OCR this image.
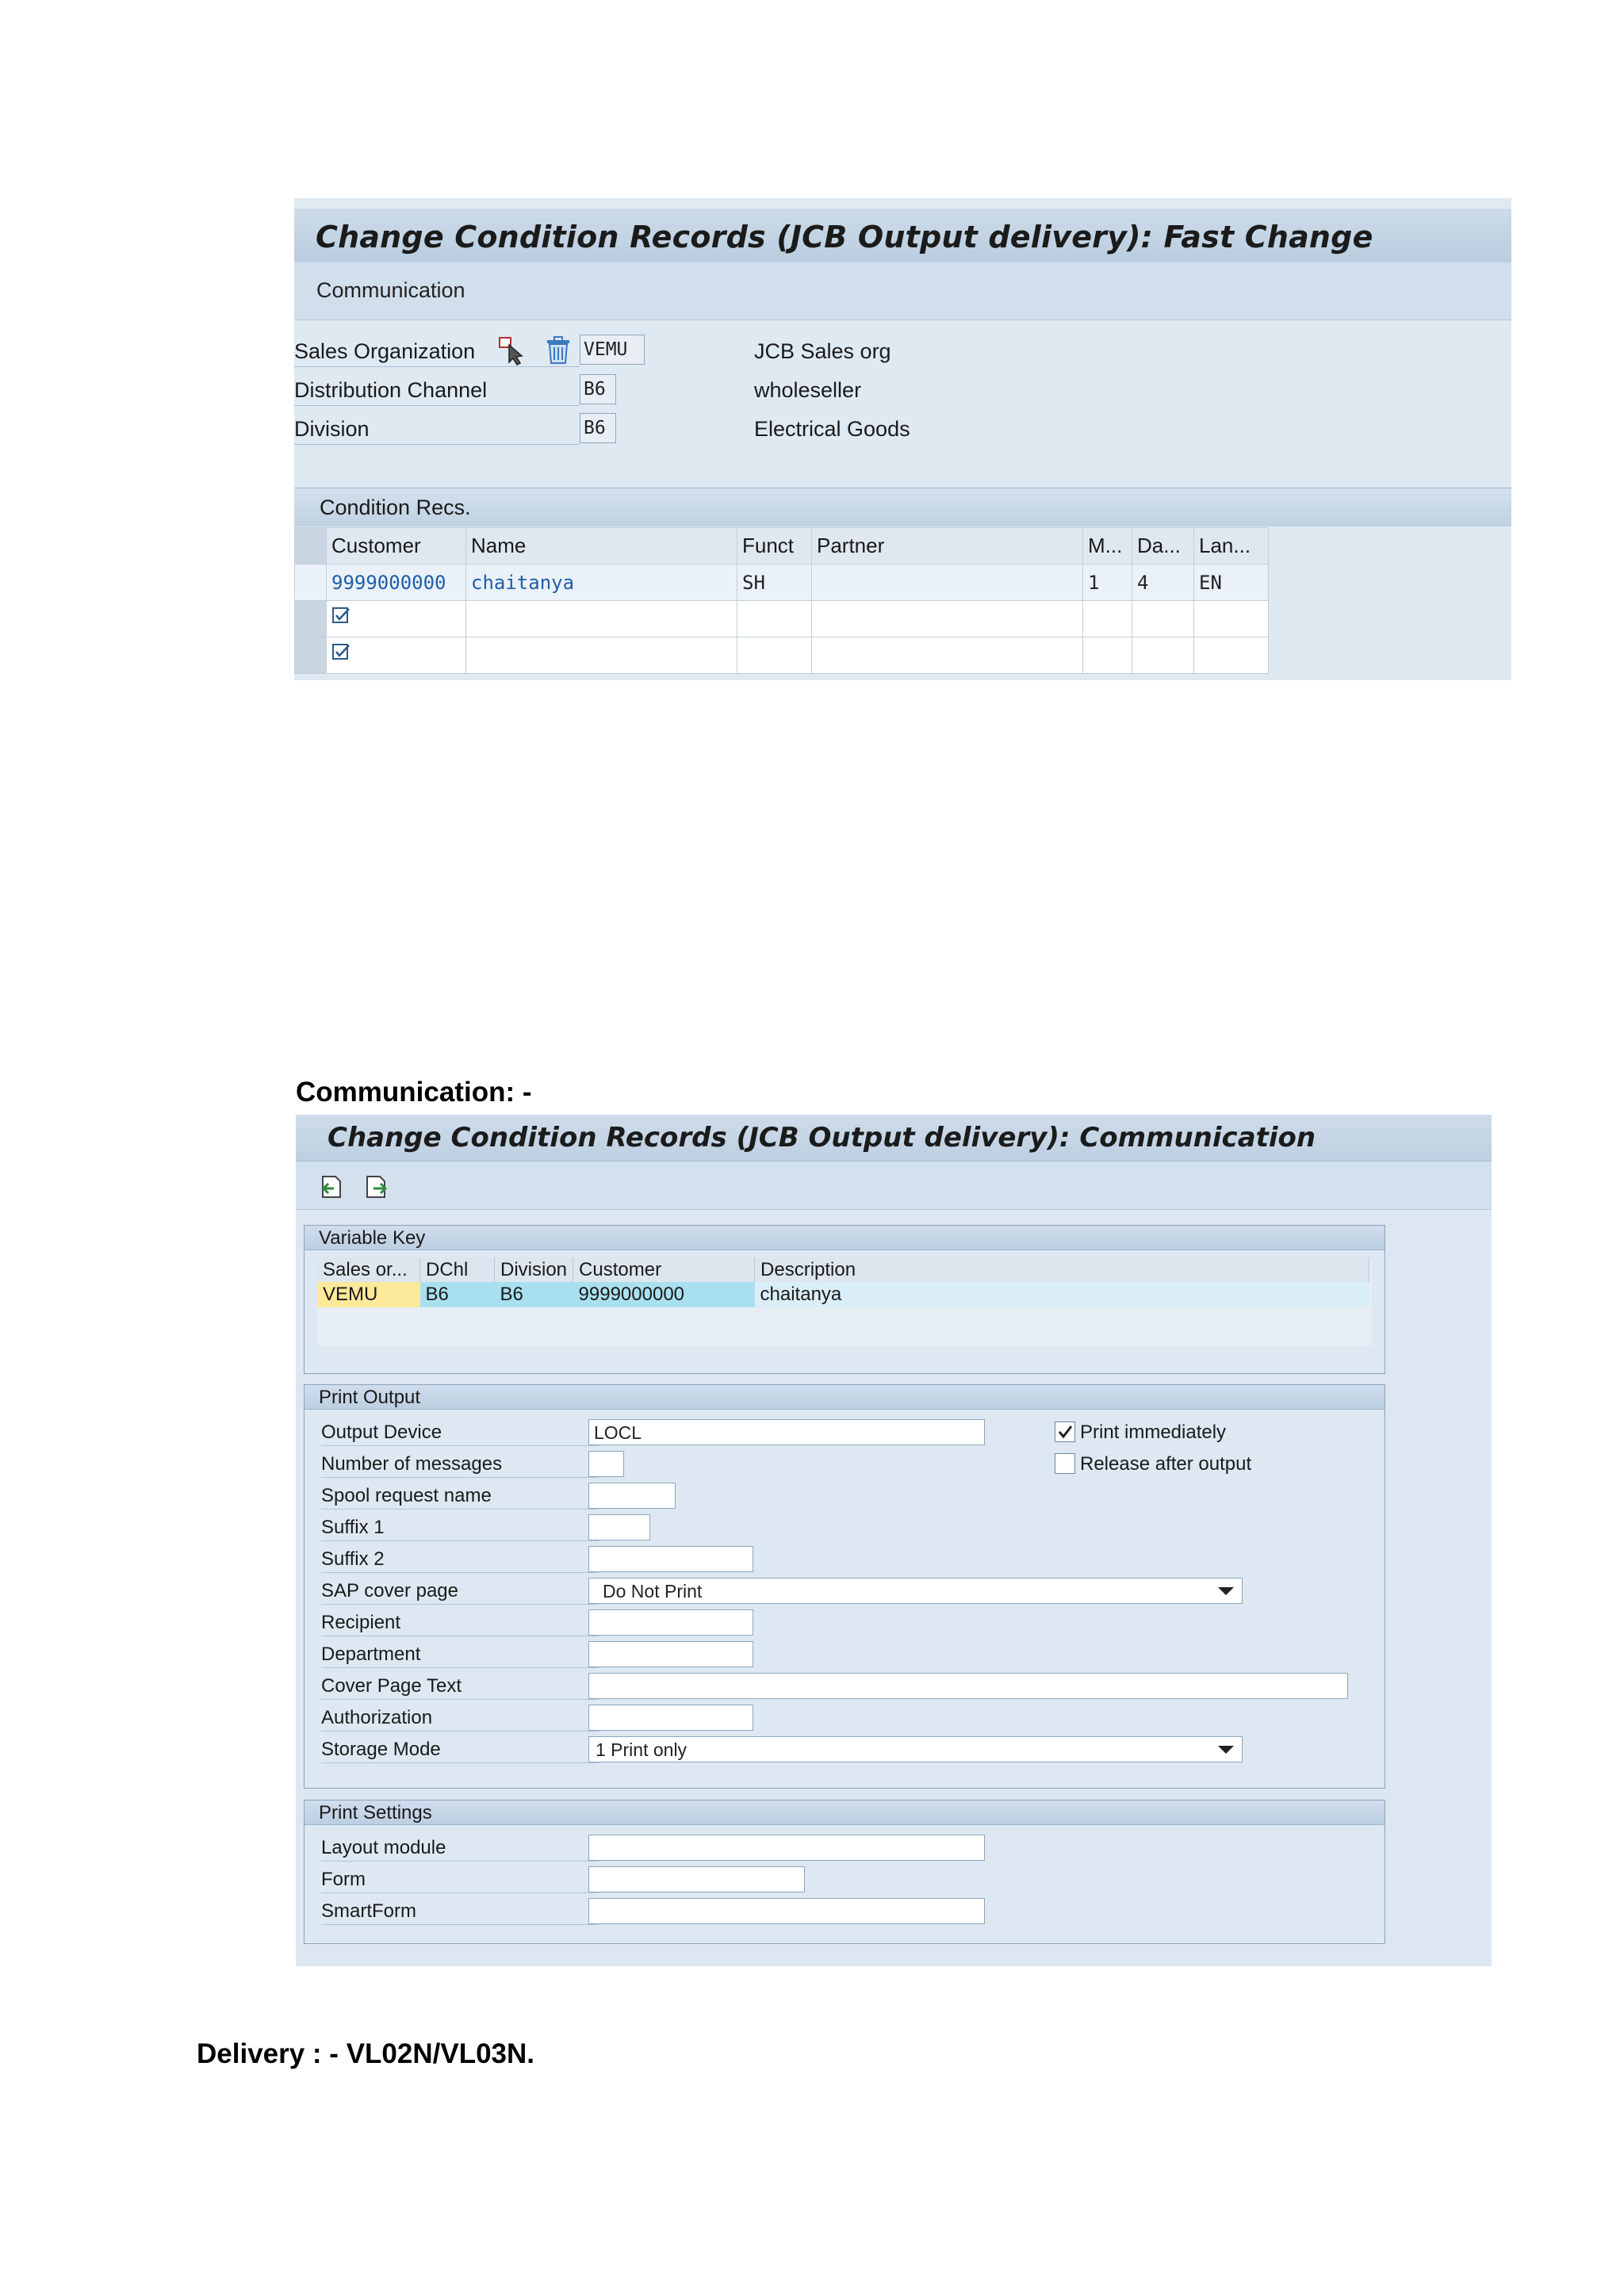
Change Condition Records (JCB Output delivery): Fast Change
Communication
Sales Organization	VEMU	JCB Sales org
Distribution Channel	B6	wholeseller
Division	B6	Electrical Goods
Condition Recs.
	Customer	Name	Funct	Partner	M...	Da...	Lan...
	9999000000	chaitanya	SH		1	4	EN

Communication: -
Change Condition Records (JCB Output delivery): Communication
Variable Key
Sales or...	DChl	Division	Customer	Description
VEMU	B6	B6	9999000000	chaitanya
Print Output
Output Device	LOCL
Number of messages
Spool request name
Suffix 1
Suffix 2
SAP cover page	Do Not Print
Recipient
Department
Cover Page Text
Authorization
Storage Mode	1 Print only
Print immediately
Release after output
Print Settings
Layout module
Form
SmartForm
Delivery : - VL02N/VL03N.
